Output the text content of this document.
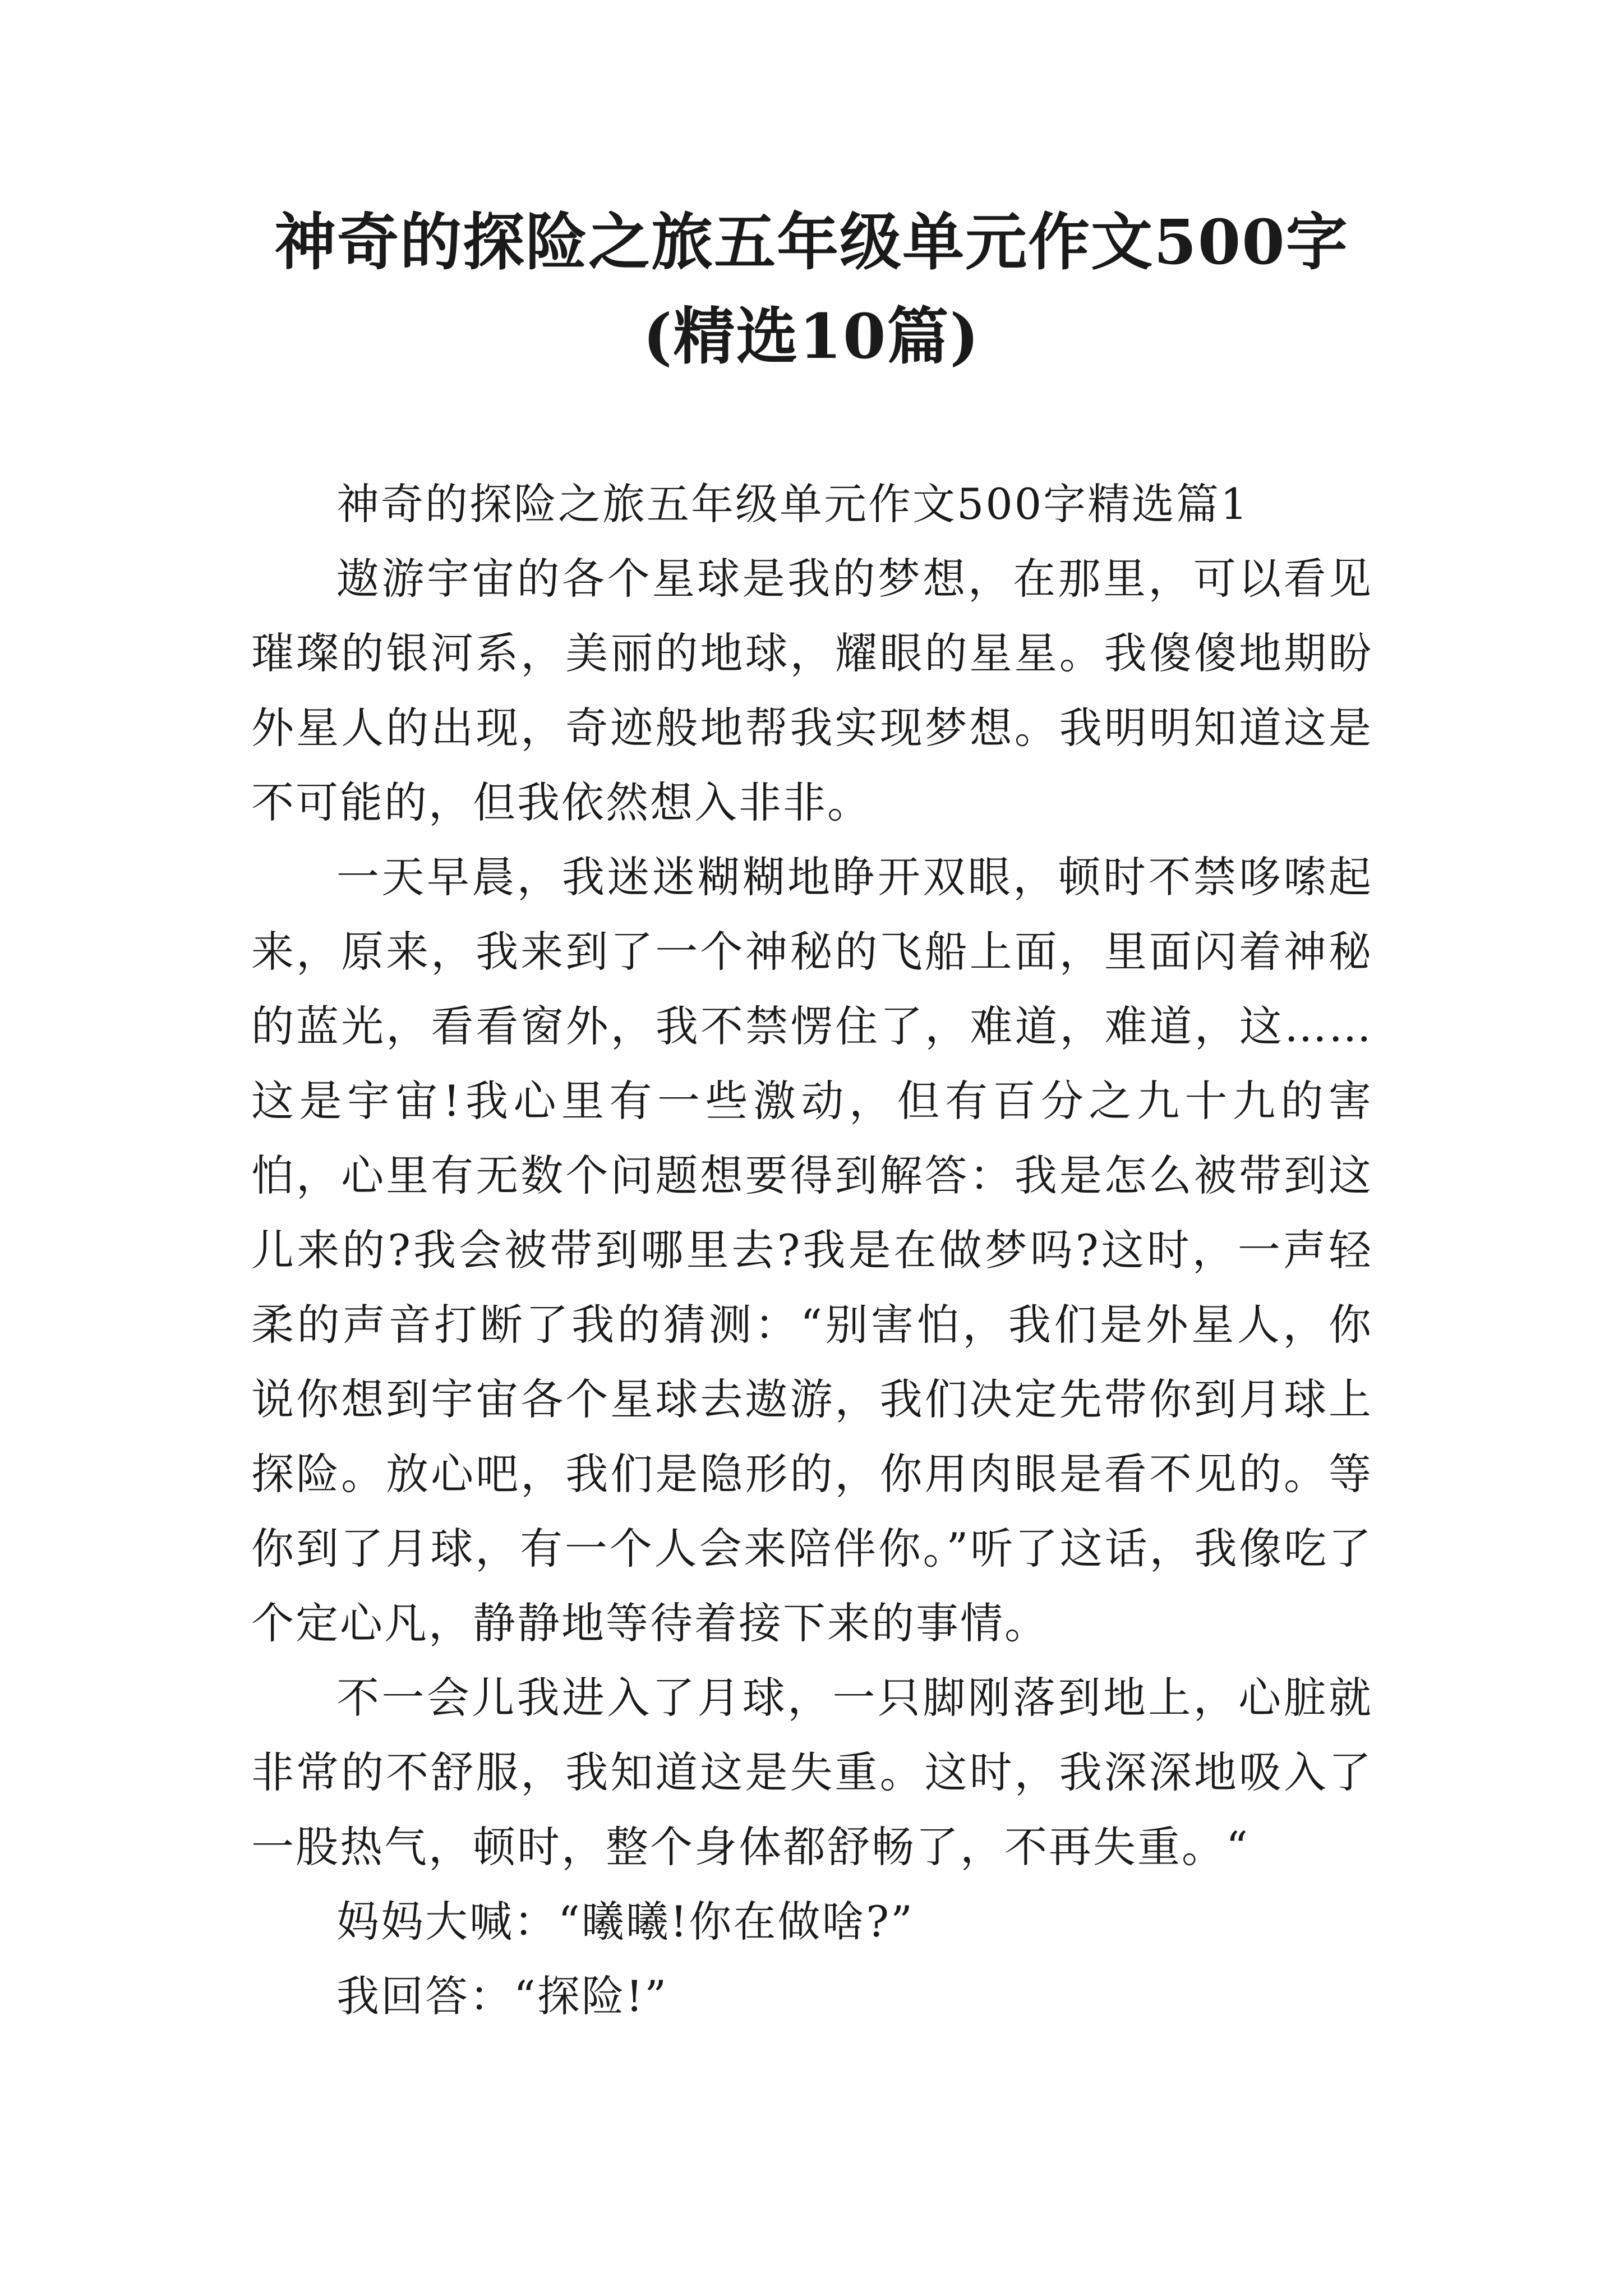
神奇的探险之旅五年级单元作文500字(精选10篇)

神奇的探险之旅五年级单元作文500字精选篇1

遨游宇宙的各个星球是我的梦想，在那里，可以看见璀璨的银河系，美丽的地球，耀眼的星星。我傻傻地期盼外星人的出现，奇迹般地帮我实现梦想。我明明知道这是不可能的，但我依然想入非非。

一天早晨，我迷迷糊糊地睁开双眼，顿时不禁哆嗦起来，原来，我来到了一个神秘的飞船上面，里面闪着神秘的蓝光，看看窗外，我不禁愣住了，难道，难道，这……这是宇宙!我心里有一些激动，但有百分之九十九的害怕，心里有无数个问题想要得到解答：我是怎么被带到这儿来的?我会被带到哪里去?我是在做梦吗?这时，一声轻柔的声音打断了我的猜测：“别害怕，我们是外星人，你说你想到宇宙各个星球去遨游，我们决定先带你到月球上探险。放心吧，我们是隐形的，你用肉眼是看不见的。等你到了月球，有一个人会来陪伴你。”听了这话，我像吃了个定心凡，静静地等待着接下来的事情。

不一会儿我进入了月球，一只脚刚落到地上，心脏就非常的不舒服，我知道这是失重。这时，我深深地吸入了一股热气，顿时，整个身体都舒畅了，不再失重。“

妈妈大喊：“曦曦!你在做啥?”

我回答：“探险!”
